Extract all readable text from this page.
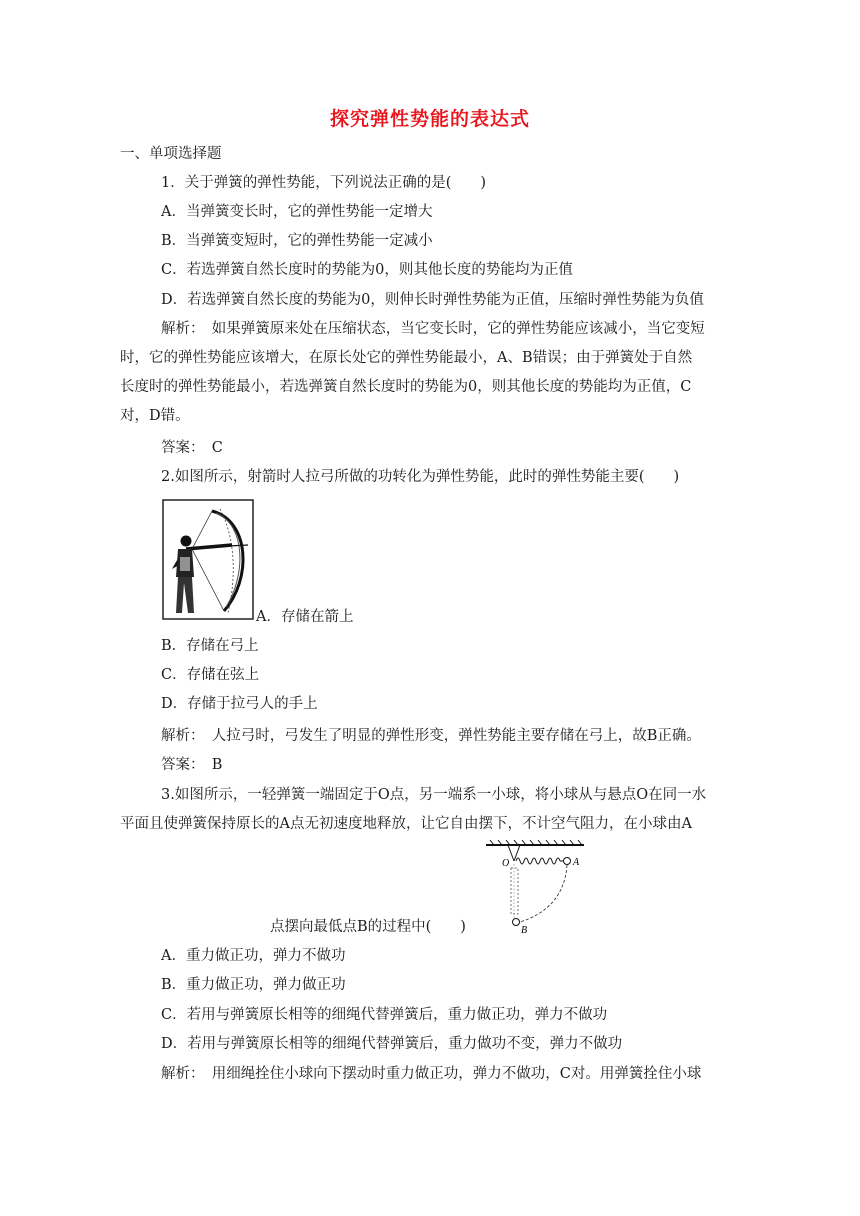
探究弹性势能的表达式
一、单项选择题
1．关于弹簧的弹性势能，下列说法正确的是(　　)
A．当弹簧变长时，它的弹性势能一定增大
B．当弹簧变短时，它的弹性势能一定减小
C．若选弹簧自然长度时的势能为0，则其他长度的势能均为正值
D．若选弹簧自然长度的势能为0，则伸长时弹性势能为正值，压缩时弹性势能为负值
解析：　如果弹簧原来处在压缩状态，当它变长时，它的弹性势能应该减小，当它变短
时，它的弹性势能应该增大，在原长处它的弹性势能最小，A、B错误；由于弹簧处于自然
长度时的弹性势能最小，若选弹簧自然长度时的势能为0，则其他长度的势能均为正值，C
对，D错。
答案：　C
2.如图所示，射箭时人拉弓所做的功转化为弹性势能，此时的弹性势能主要(　　)
A．存储在箭上
B．存储在弓上
C．存储在弦上
D．存储于拉弓人的手上
解析：　人拉弓时，弓发生了明显的弹性形变，弹性势能主要存储在弓上，故B正确。
答案：　B
3.如图所示，一轻弹簧一端固定于O点，另一端系一小球，将小球从与悬点O在同一水
平面且使弹簧保持原长的A点无初速度地释放，让它自由摆下，不计空气阻力，在小球由A
O	A
B
点摆向最低点B的过程中(　　)
A．重力做正功，弹力不做功
B．重力做正功，弹力做正功
C．若用与弹簧原长相等的细绳代替弹簧后，重力做正功，弹力不做功
D．若用与弹簧原长相等的细绳代替弹簧后，重力做功不变，弹力不做功
解析：　用细绳拴住小球向下摆动时重力做正功，弹力不做功，C对。用弹簧拴住小球
